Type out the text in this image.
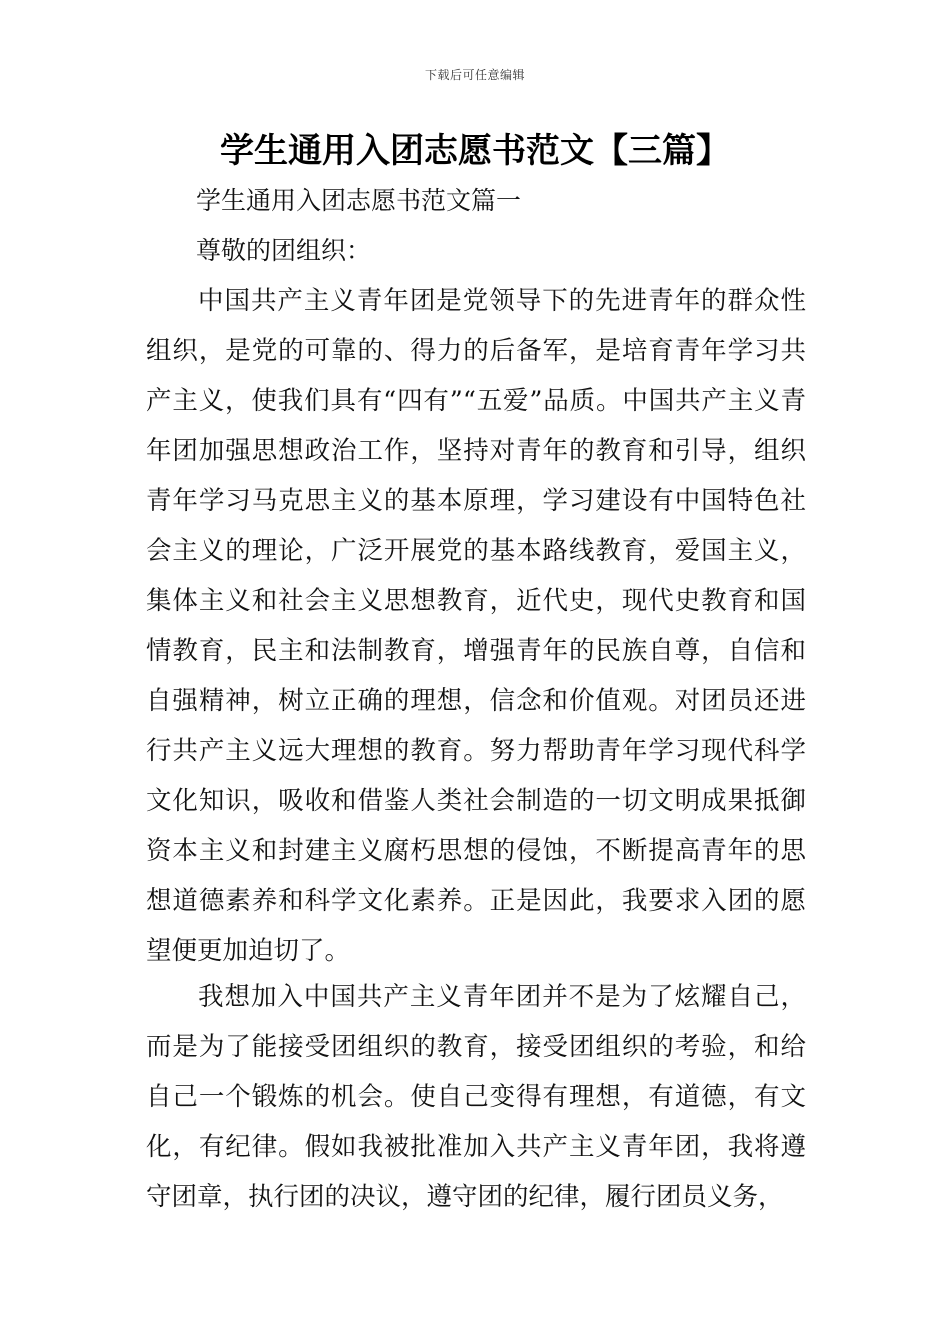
下载后可任意编辑
学生通用入团志愿书范文【三篇】
学生通用入团志愿书范文篇一
尊敬的团组织：

中国共产主义青年团是党领导下的先进青年的群众性组织，是党的可靠的、得力的后备军，是培育青年学习共产主义，使我们具有“四有”“五爱”品质。中国共产主义青年团加强思想政治工作，坚持对青年的教育和引导，组织青年学习马克思主义的基本原理，学习建设有中国特色社会主义的理论，广泛开展党的基本路线教育，爱国主义，集体主义和社会主义思想教育，近代史，现代史教育和国情教育，民主和法制教育，增强青年的民族自尊，自信和自强精神，树立正确的理想，信念和价值观。对团员还进行共产主义远大理想的教育。努力帮助青年学习现代科学文化知识，吸收和借鉴人类社会制造的一切文明成果抵御资本主义和封建主义腐朽思想的侵蚀，不断提高青年的思想道德素养和科学文化素养。正是因此，我要求入团的愿望便更加迫切了。

我想加入中国共产主义青年团并不是为了炫耀自己，而是为了能接受团组织的教育，接受团组织的考验，和给自己一个锻炼的机会。使自己变得有理想，有道德，有文化，有纪律。假如我被批准加入共产主义青年团，我将遵守团章，执行团的决议，遵守团的纪律，履行团员义务，
